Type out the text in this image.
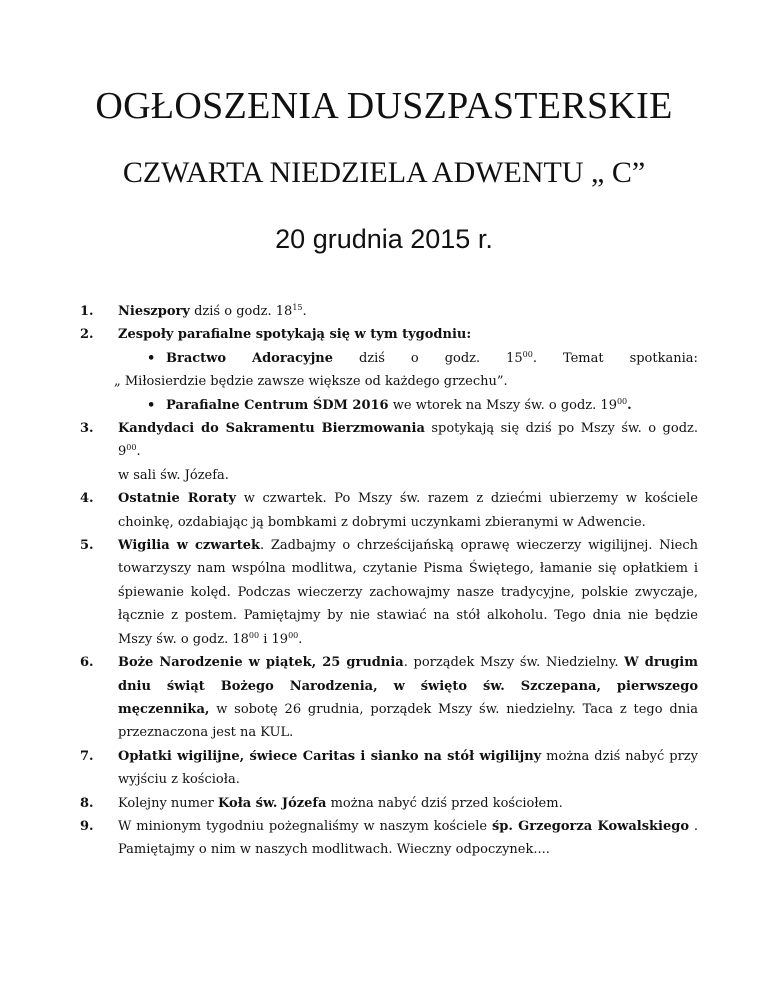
OGŁOSZENIA DUSZPASTERSKIE
CZWARTA NIEDZIELA ADWENTU „ C”
20 grudnia 2015 r.
1. Nieszpory dziś o godz. $18^{15}$.
2. Zespoły parafialne spotykają się w tym tygodniu:
• Bractwo Adoracyjne dziś o godz. $15^{00}$. Temat spotkania:
„ Miłosierdzie będzie zawsze większe od każdego grzechu”.
• Parafialne Centrum ŚDM 2016 we wtorek na Mszy św. o godz. $19^{00}$.
3. Kandydaci do Sakramentu Bierzmowania spotykają się dziś po Mszy św. o godz. $9^{00}$.
w sali św. Józefa.
4. Ostatnie Roraty w czwartek. Po Mszy św. razem z dziećmi ubierzemy w kościele choinkę, ozdabiając ją bombkami z dobrymi uczynkami zbieranymi w Adwencie.
5. Wigilia w czwartek. Zadbajmy o chrześcijańską oprawę wieczerzy wigilijnej. Niech towarzyszy nam wspólna modlitwa, czytanie Pisma Świętego, łamanie się opłatkiem i śpiewanie kolęd. Podczas wieczerzy zachowajmy nasze tradycyjne, polskie zwyczaje, łącznie z postem. Pamiętajmy by nie stawiać na stół alkoholu. Tego dnia nie będzie Mszy św. o godz. $18^{00}$ i $19^{00}$.
6. Boże Narodzenie w piątek, 25 grudnia. porządek Mszy św. Niedzielny. W drugim dniu świąt Bożego Narodzenia, w święto św. Szczepana, pierwszego męczennika, w sobotę 26 grudnia, porządek Mszy św. niedzielny. Taca z tego dnia przeznaczona jest na KUL.
7. Opłatki wigilijne, świece Caritas i sianko na stół wigilijny można dziś nabyć przy wyjściu z kościoła.
8. Kolejny numer Koła św. Józefa można nabyć dziś przed kościołem.
9. W minionym tygodniu pożegnaliśmy w naszym kościele śp. Grzegorza Kowalskiego . Pamiętajmy o nim w naszych modlitwach. Wieczny odpoczynek....
